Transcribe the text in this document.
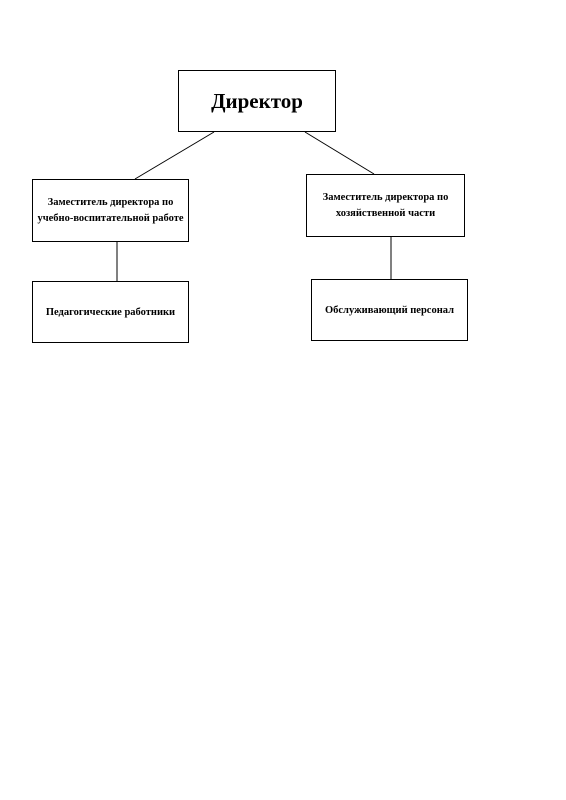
Директор
Заместитель директора по учебно-воспитательной работе
Заместитель директора по хозяйственной части
Педагогические работники	Обслуживающий персонал
